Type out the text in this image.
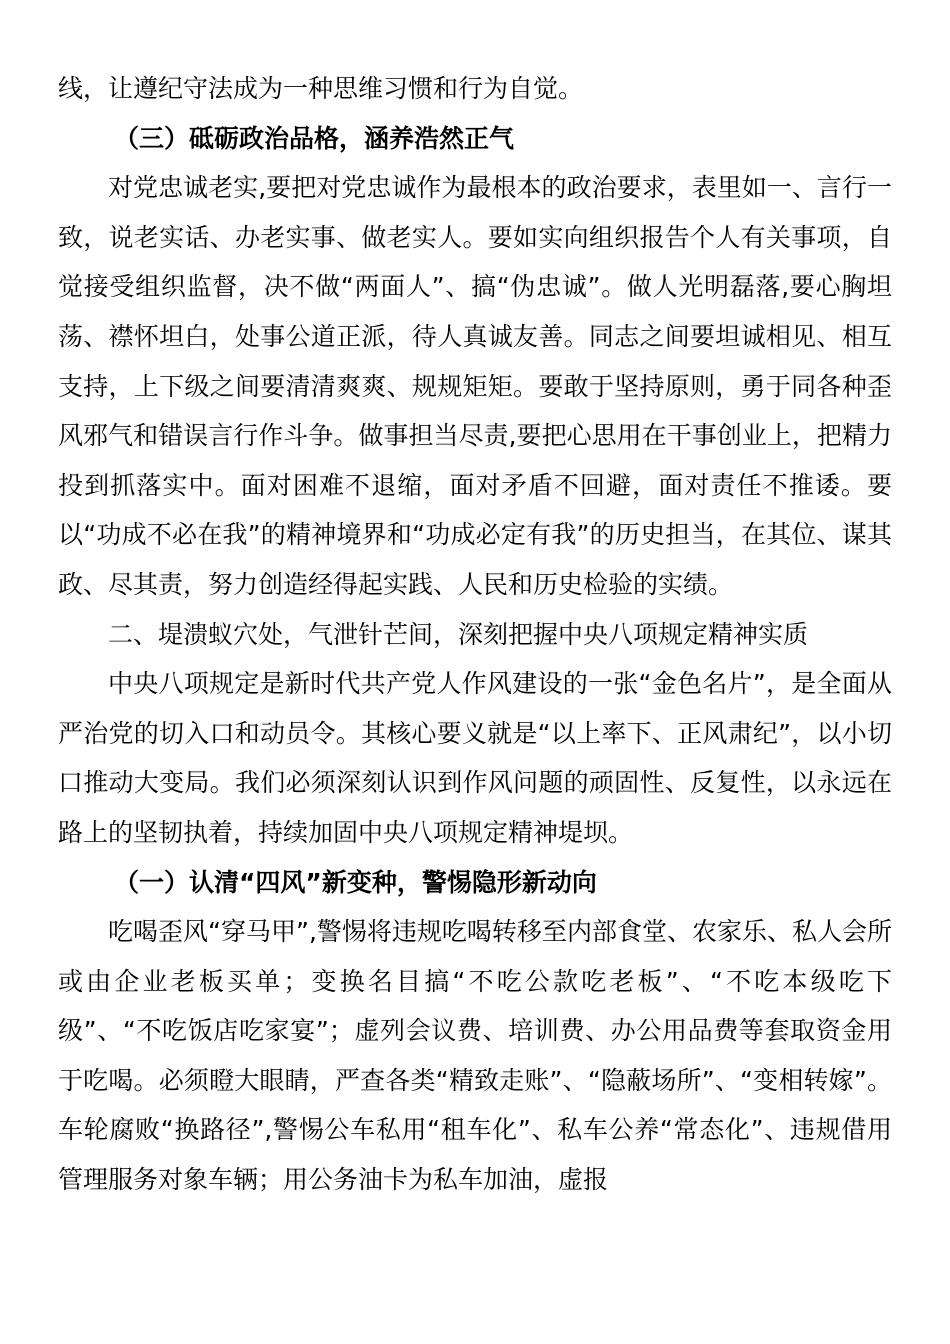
线，让遵纪守法成为一种思维习惯和行为自觉。

（三）砥砺政治品格，涵养浩然正气

对党忠诚老实,要把对党忠诚作为最根本的政治要求，表里如一、言行一致，说老实话、办老实事、做老实人。要如实向组织报告个人有关事项，自觉接受组织监督，决不做“两面人”、搞“伪忠诚”。做人光明磊落,要心胸坦荡、襟怀坦白，处事公道正派，待人真诚友善。同志之间要坦诚相见、相互支持，上下级之间要清清爽爽、规规矩矩。要敢于坚持原则，勇于同各种歪风邪气和错误言行作斗争。做事担当尽责,要把心思用在干事创业上，把精力投到抓落实中。面对困难不退缩，面对矛盾不回避，面对责任不推诿。要以“功成不必在我”的精神境界和“功成必定有我”的历史担当，在其位、谋其政、尽其责，努力创造经得起实践、人民和历史检验的实绩。

二、堤溃蚁穴处，气泄针芒间，深刻把握中央八项规定精神实质

中央八项规定是新时代共产党人作风建设的一张“金色名片”，是全面从严治党的切入口和动员令。其核心要义就是“以上率下、正风肃纪”，以小切口推动大变局。我们必须深刻认识到作风问题的顽固性、反复性，以永远在路上的坚韧执着，持续加固中央八项规定精神堤坝。

（一）认清“四风”新变种，警惕隐形新动向

吃喝歪风“穿马甲”,警惕将违规吃喝转移至内部食堂、农家乐、私人会所或由企业老板买单；变换名目搞“不吃公款吃老板”、“不吃本级吃下级”、“不吃饭店吃家宴”；虚列会议费、培训费、办公用品费等套取资金用于吃喝。必须瞪大眼睛，严查各类“精致走账”、“隐蔽场所”、“变相转嫁”。车轮腐败“换路径”,警惕公车私用“租车化”、私车公养“常态化”、违规借用管理服务对象车辆；用公务油卡为私车加油，虚报
